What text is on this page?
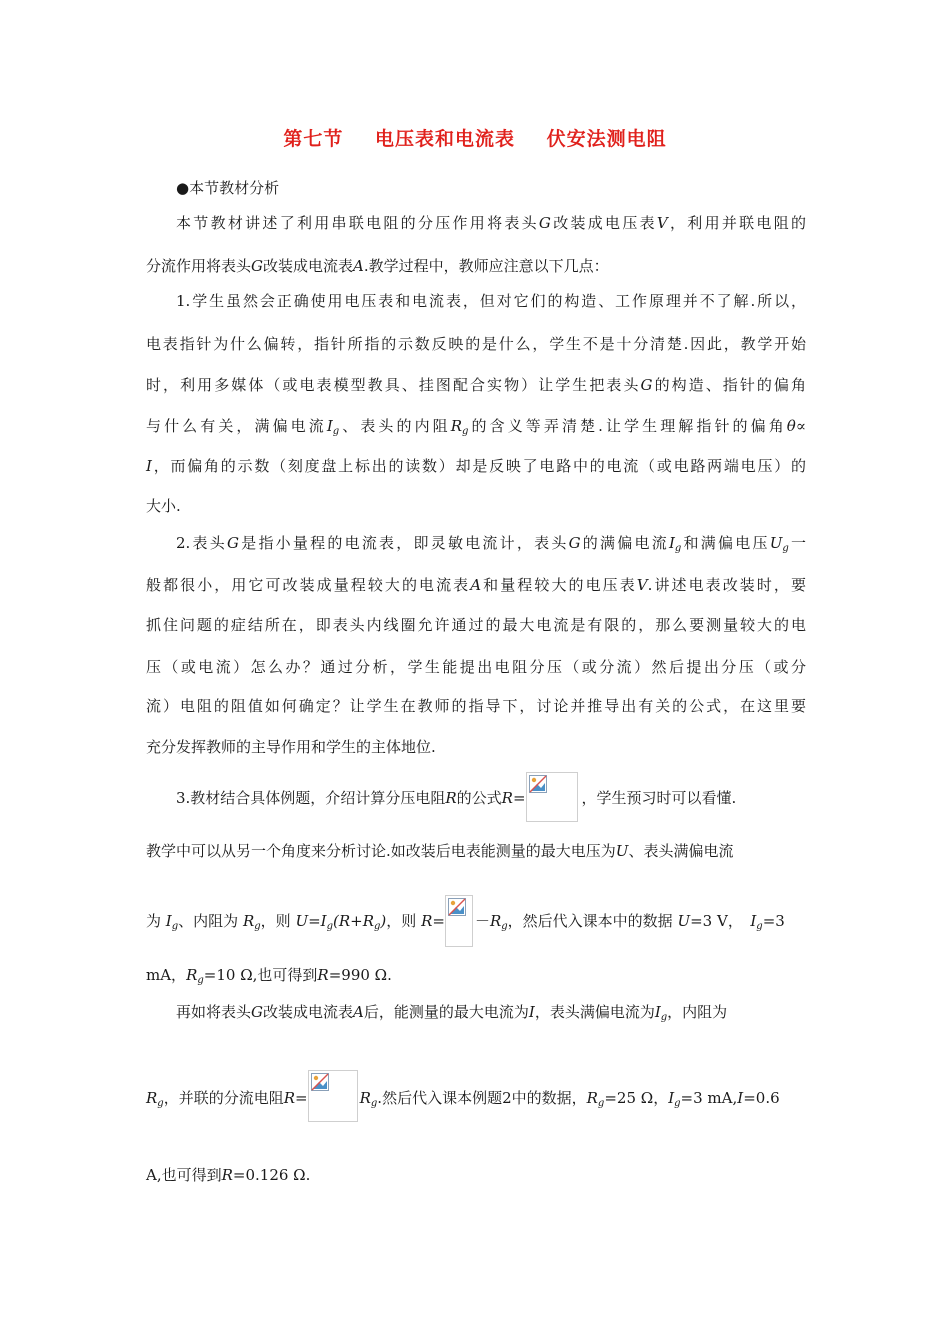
第七节 电压表和电流表 伏安法测电阻
●本节教材分析
本节教材讲述了利用串联电阻的分压作用将表头G改装成电压表V，利用并联电阻的
分流作用将表头G改装成电流表A.教学过程中，教师应注意以下几点：
1.学生虽然会正确使用电压表和电流表，但对它们的构造、工作原理并不了解.所以，
电表指针为什么偏转，指针所指的示数反映的是什么，学生不是十分清楚.因此，教学开始
时，利用多媒体（或电表模型教具、挂图配合实物）让学生把表头G的构造、指针的偏角
与什么有关，满偏电流$I_g$、表头的内阻$R_g$的含义等弄清楚.让学生理解指针的偏角θ∝
I，而偏角的示数（刻度盘上标出的读数）却是反映了电路中的电流（或电路两端电压）的
大小.
2.表头G是指小量程的电流表，即灵敏电流计，表头G的满偏电流$I_g$和满偏电压$U_g$一
般都很小，用它可改装成量程较大的电流表A和量程较大的电压表V.讲述电表改装时，要
抓住问题的症结所在，即表头内线圈允许通过的最大电流是有限的，那么要测量较大的电
压（或电流）怎么办？通过分析，学生能提出电阻分压（或分流）然后提出分压（或分
流）电阻的阻值如何确定？让学生在教师的指导下，讨论并推导出有关的公式，在这里要
充分发挥教师的主导作用和学生的主体地位.
3.教材结合具体例题，介绍计算分压电阻R的公式R=	，学生预习时可以看懂.
教学中可以从另一个角度来分析讨论.如改装后电表能测量的最大电压为U、表头满偏电流
为 $I_g$、内阻为 $R_g$，则 $U=I_g(R+R_g)$，则 $R= -R_g$，然后代入课本中的数据 U=3 V，　 $I_g=3$
mA，$R_g=10$ Ω,也可得到R=990 Ω.
再如将表头G改装成电流表A后，能测量的最大电流为I，表头满偏电流为$I_g$，内阻为
$R_g$，并联的分流电阻R=	$R_g$.然后代入课本例题2中的数据，$R_g=25$ Ω，$I_g=3$ mA,I=0.6
A,也可得到R=0.126 Ω.
